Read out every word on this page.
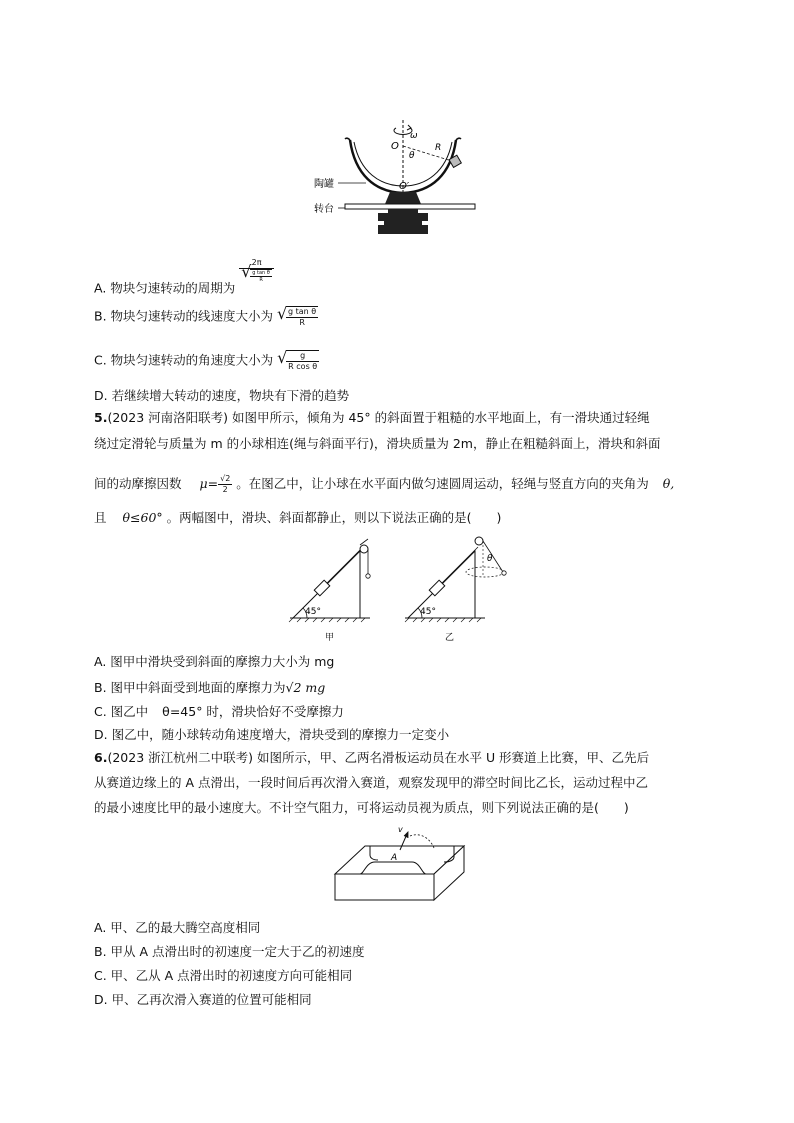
ω
O
θ
R
O′
陶罐
转台
A. 物块匀速转动的周期为
2π
√ $\frac{\text{g tan θ}}{R}$
B. 物块匀速转动的线速度大小为 √ $\frac{\text{g tan θ}}{R}$
C. 物块匀速转动的角速度大小为 √ $\frac{g}{\text{R cos θ}}$
D. 若继续增大转动的速度，物块有下滑的趋势
5.(2023 河南洛阳联考) 如图甲所示，倾角为 45° 的斜面置于粗糙的水平地面上，有一滑块通过轻绳
绕过定滑轮与质量为 m 的小球相连(绳与斜面平行)，滑块质量为 2m，静止在粗糙斜面上，滑块和斜面
间的动摩擦因数 $\mu= \frac{√2}{2}$ 。在图乙中，让小球在水平面内做匀速圆周运动，轻绳与竖直方向的夹角为 θ,
且 θ≤60° 。两幅图中，滑块、斜面都静止，则以下说法正确的是(　　)
45°
甲
45°
θ
乙
A. 图甲中滑块受到斜面的摩擦力大小为 mg
B. 图甲中斜面受到地面的摩擦力为√2 mg
C. 图乙中 θ=45° 时，滑块恰好不受摩擦力
D. 图乙中，随小球转动角速度增大，滑块受到的摩擦力一定变小
6.(2023 浙江杭州二中联考) 如图所示，甲、乙两名滑板运动员在水平 U 形赛道上比赛，甲、乙先后
从赛道边缘上的 A 点滑出，一段时间后再次滑入赛道，观察发现甲的滞空时间比乙长，运动过程中乙
的最小速度比甲的最小速度大。不计空气阻力，可将运动员视为质点，则下列说法正确的是(　　)
v
A
A. 甲、乙的最大腾空高度相同
B. 甲从 A 点滑出时的初速度一定大于乙的初速度
C. 甲、乙从 A 点滑出时的初速度方向可能相同
D. 甲、乙再次滑入赛道的位置可能相同
